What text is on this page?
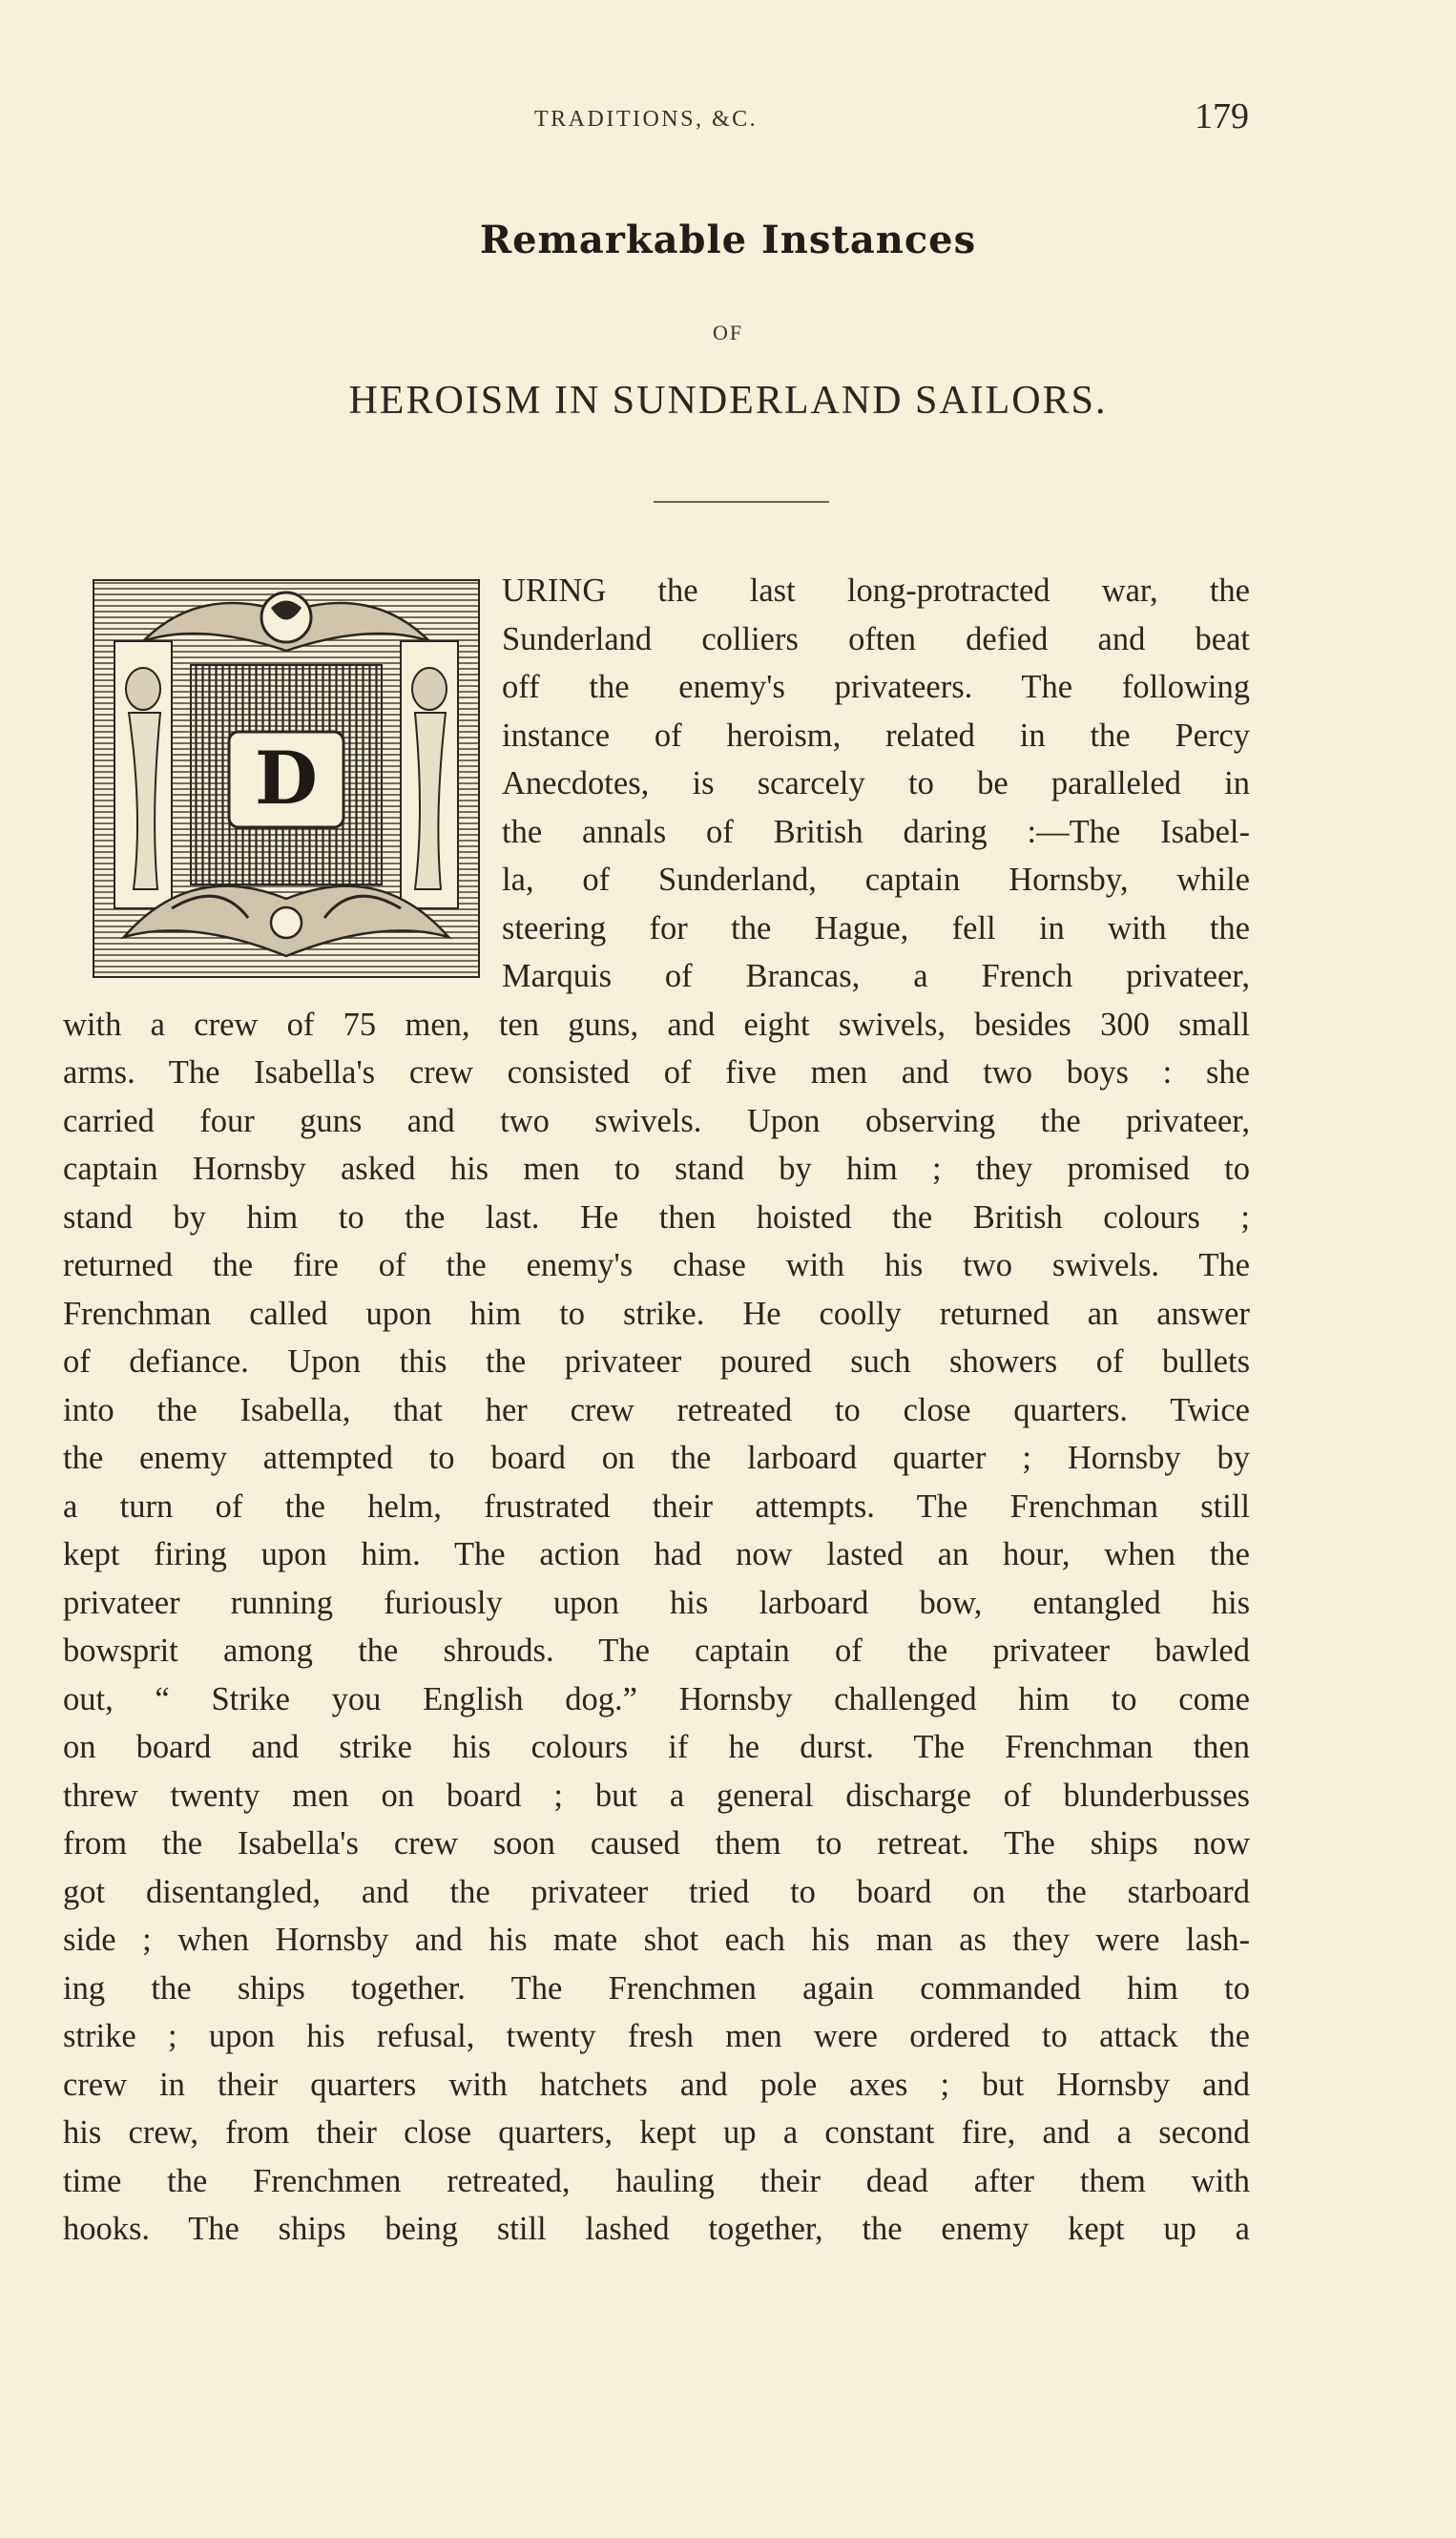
TRADITIONS, &C.	179
Remarkable Instances
OF
HEROISM IN SUNDERLAND SAILORS.
D
URING the last long-protracted war, the
Sunderland colliers often defied and beat
off the enemy's privateers. The following
instance of heroism, related in the Percy
Anecdotes, is scarcely to be paralleled in
the annals of British daring :—The Isabel-
la, of Sunderland, captain Hornsby, while
steering for the Hague, fell in with the
Marquis of Brancas, a French privateer,
with a crew of 75 men, ten guns, and eight swivels, besides 300 small
arms. The Isabella's crew consisted of five men and two boys : she
carried four guns and two swivels. Upon observing the privateer,
captain Hornsby asked his men to stand by him ; they promised to
stand by him to the last. He then hoisted the British colours ;
returned the fire of the enemy's chase with his two swivels. The
Frenchman called upon him to strike. He coolly returned an answer
of defiance. Upon this the privateer poured such showers of bullets
into the Isabella, that her crew retreated to close quarters. Twice
the enemy attempted to board on the larboard quarter ; Hornsby by
a turn of the helm, frustrated their attempts. The Frenchman still
kept firing upon him. The action had now lasted an hour, when the
privateer running furiously upon his larboard bow, entangled his
bowsprit among the shrouds. The captain of the privateer bawled
out, “ Strike you English dog.” Hornsby challenged him to come
on board and strike his colours if he durst. The Frenchman then
threw twenty men on board ; but a general discharge of blunderbusses
from the Isabella's crew soon caused them to retreat. The ships now
got disentangled, and the privateer tried to board on the starboard
side ; when Hornsby and his mate shot each his man as they were lash-
ing the ships together. The Frenchmen again commanded him to
strike ; upon his refusal, twenty fresh men were ordered to attack the
crew in their quarters with hatchets and pole axes ; but Hornsby and
his crew, from their close quarters, kept up a constant fire, and a second
time the Frenchmen retreated, hauling their dead after them with
hooks. The ships being still lashed together, the enemy kept up a
